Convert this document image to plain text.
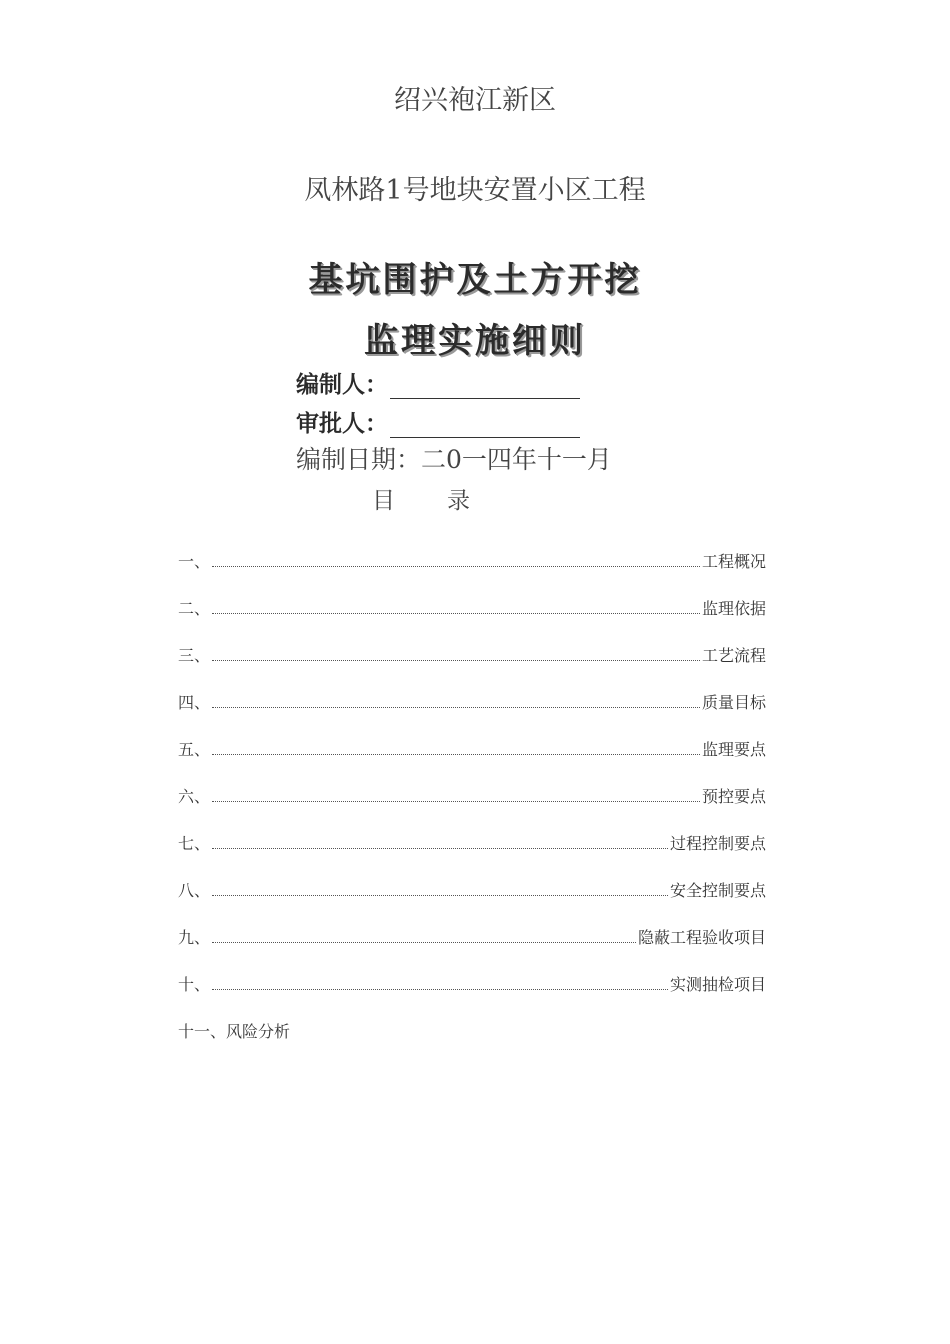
绍兴袍江新区
凤林路1号地块安置小区工程
基坑围护及土方开挖
监理实施细则
编制人：
审批人：
编制日期：二0一四年十一月
目 录
一、	工程概况
二、	监理依据
三、	工艺流程
四、	质量目标
五、	监理要点
六、	预控要点
七、	过程控制要点
八、	安全控制要点
九、	隐蔽工程验收项目
十、	实测抽检项目
十一、风险分析
